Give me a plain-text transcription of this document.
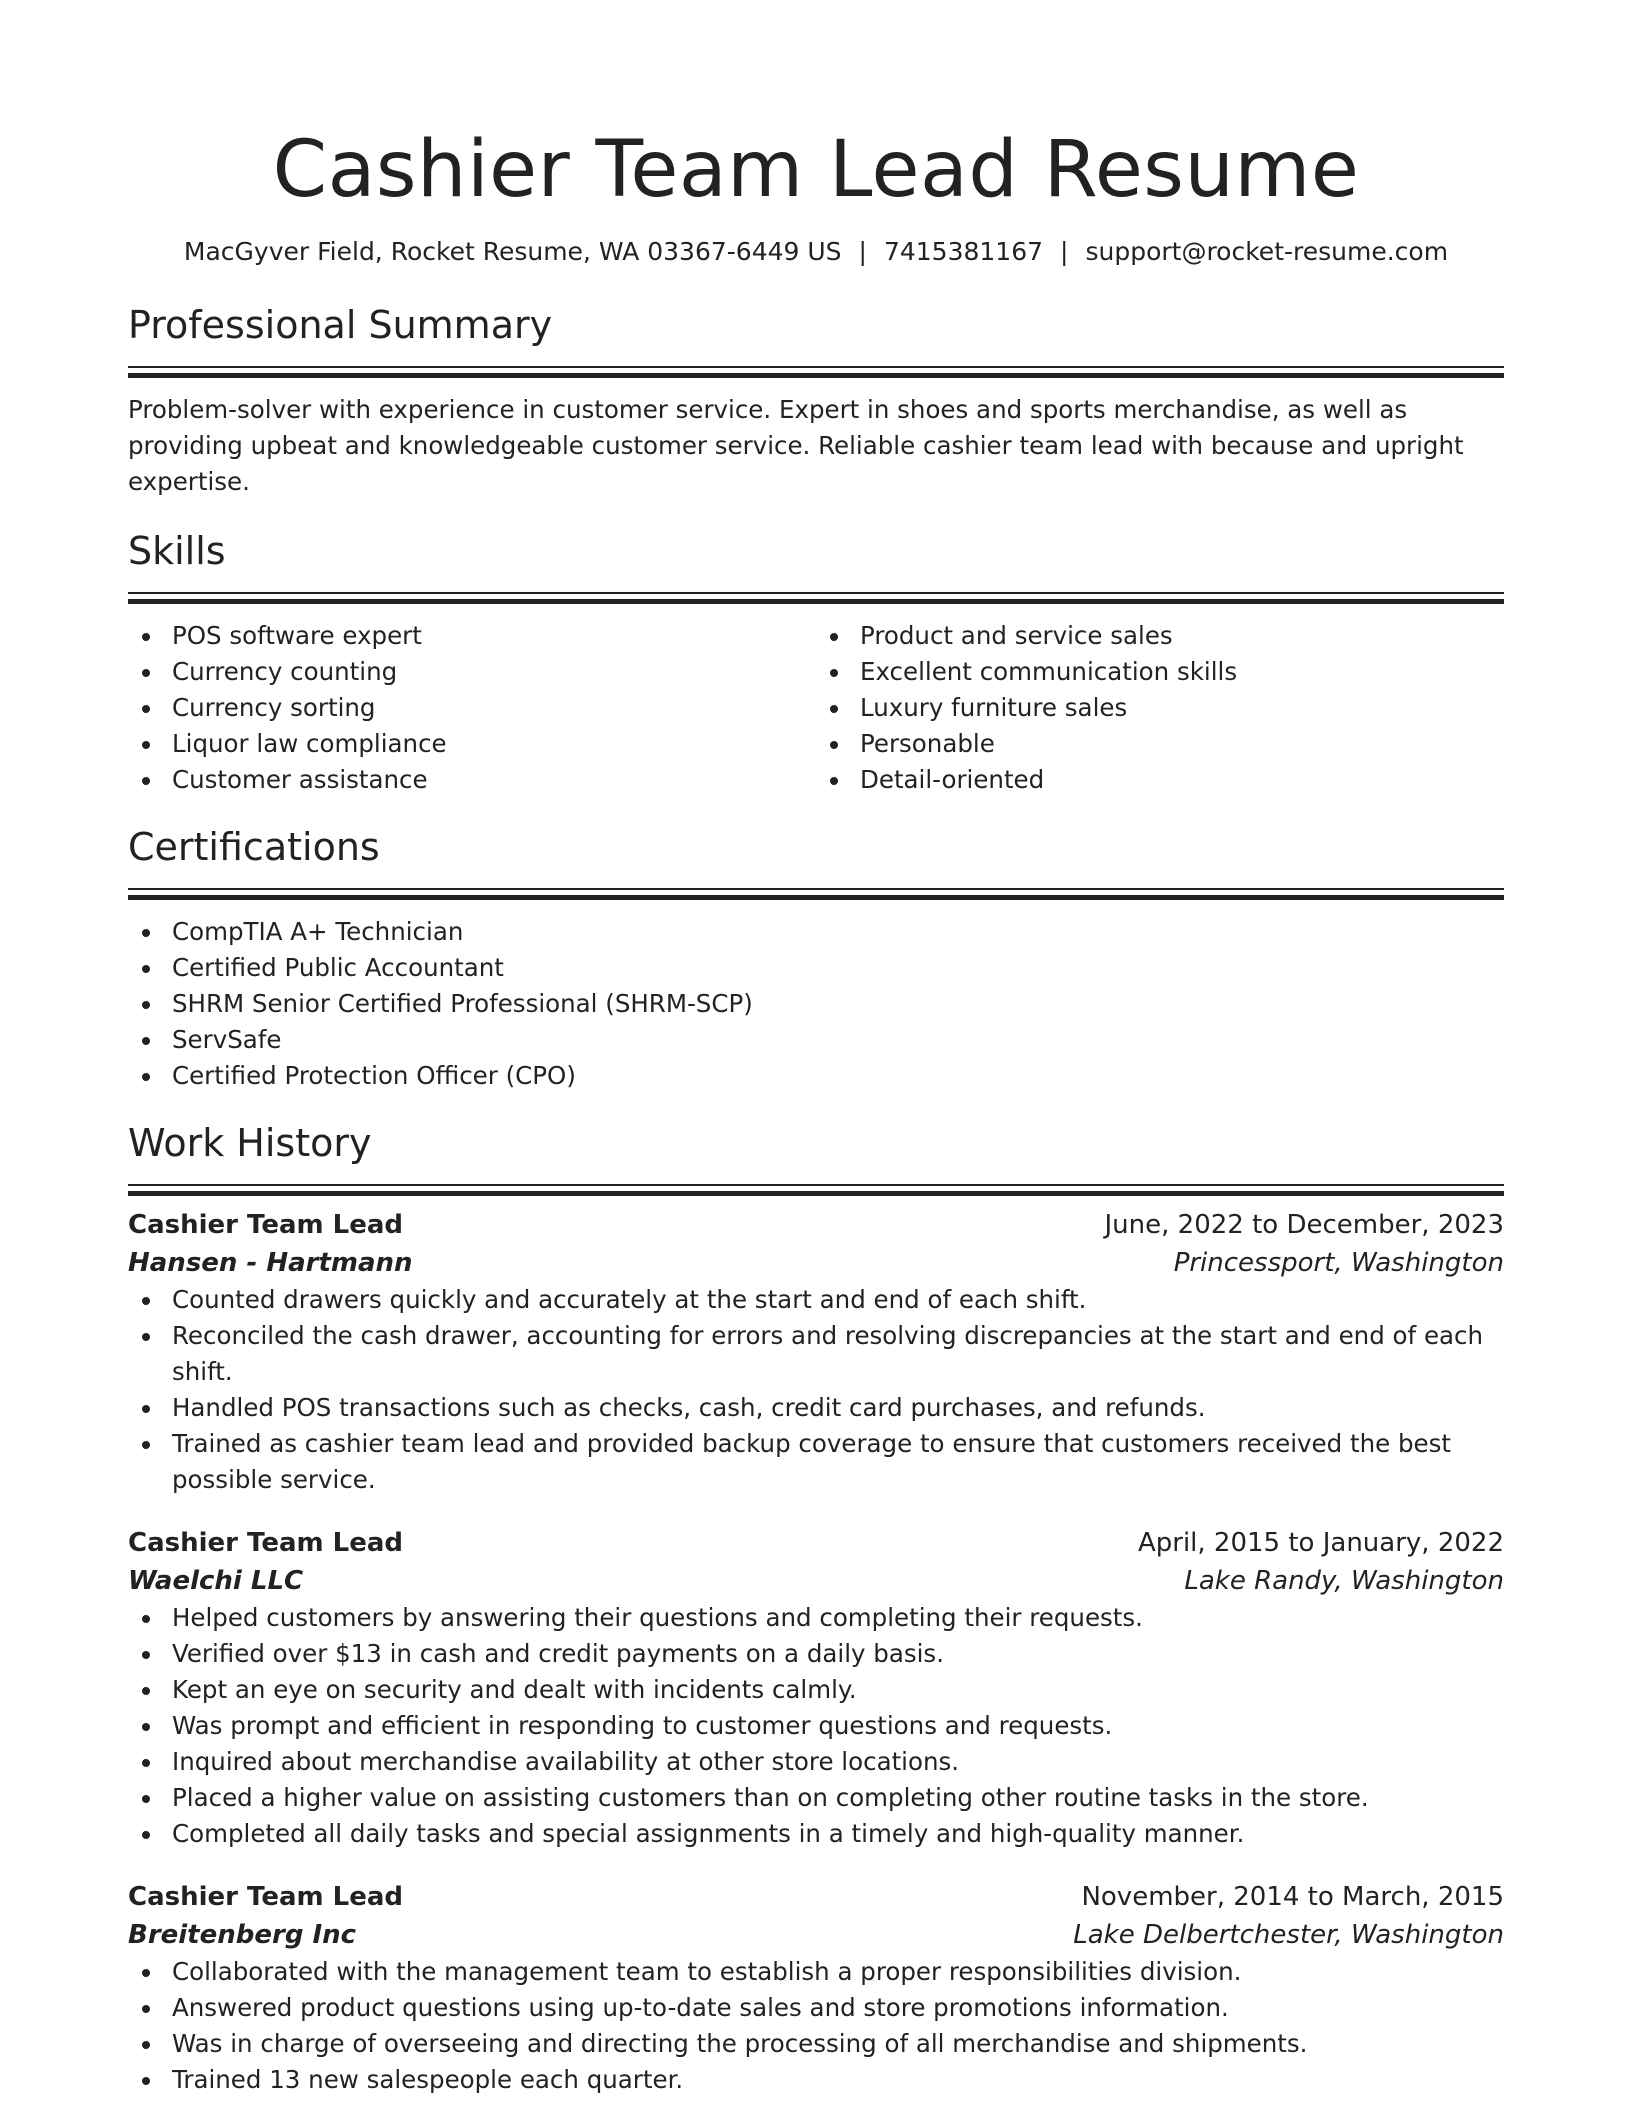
Cashier Team Lead Resume
MacGyver Field, Rocket Resume, WA 03367-6449 US | 7415381167 | support@rocket-resume.com
Professional Summary

Problem-solver with experience in customer service. Expert in shoes and sports merchandise, as well as providing upbeat and knowledgeable customer service. Reliable cashier team lead with because and upright expertise.

Skills
POS software expert
Currency counting
Currency sorting
Liquor law compliance
Customer assistance
Product and service sales
Excellent communication skills
Luxury furniture sales
Personable
Detail-oriented
Certifications
CompTIA A+ Technician
Certified Public Accountant
SHRM Senior Certified Professional (SHRM-SCP)
ServSafe
Certified Protection Officer (CPO)
Work History
Cashier Team Lead	June, 2022 to December, 2023
Hansen - Hartmann	Princessport, Washington
Counted drawers quickly and accurately at the start and end of each shift.
Reconciled the cash drawer, accounting for errors and resolving discrepancies at the start and end of each shift.
Handled POS transactions such as checks, cash, credit card purchases, and refunds.
Trained as cashier team lead and provided backup coverage to ensure that customers received the best possible service.
Cashier Team Lead	April, 2015 to January, 2022
Waelchi LLC	Lake Randy, Washington
Helped customers by answering their questions and completing their requests.
Verified over $13 in cash and credit payments on a daily basis.
Kept an eye on security and dealt with incidents calmly.
Was prompt and efficient in responding to customer questions and requests.
Inquired about merchandise availability at other store locations.
Placed a higher value on assisting customers than on completing other routine tasks in the store.
Completed all daily tasks and special assignments in a timely and high-quality manner.
Cashier Team Lead	November, 2014 to March, 2015
Breitenberg Inc	Lake Delbertchester, Washington
Collaborated with the management team to establish a proper responsibilities division.
Answered product questions using up-to-date sales and store promotions information.
Was in charge of overseeing and directing the processing of all merchandise and shipments.
Trained 13 new salespeople each quarter.
